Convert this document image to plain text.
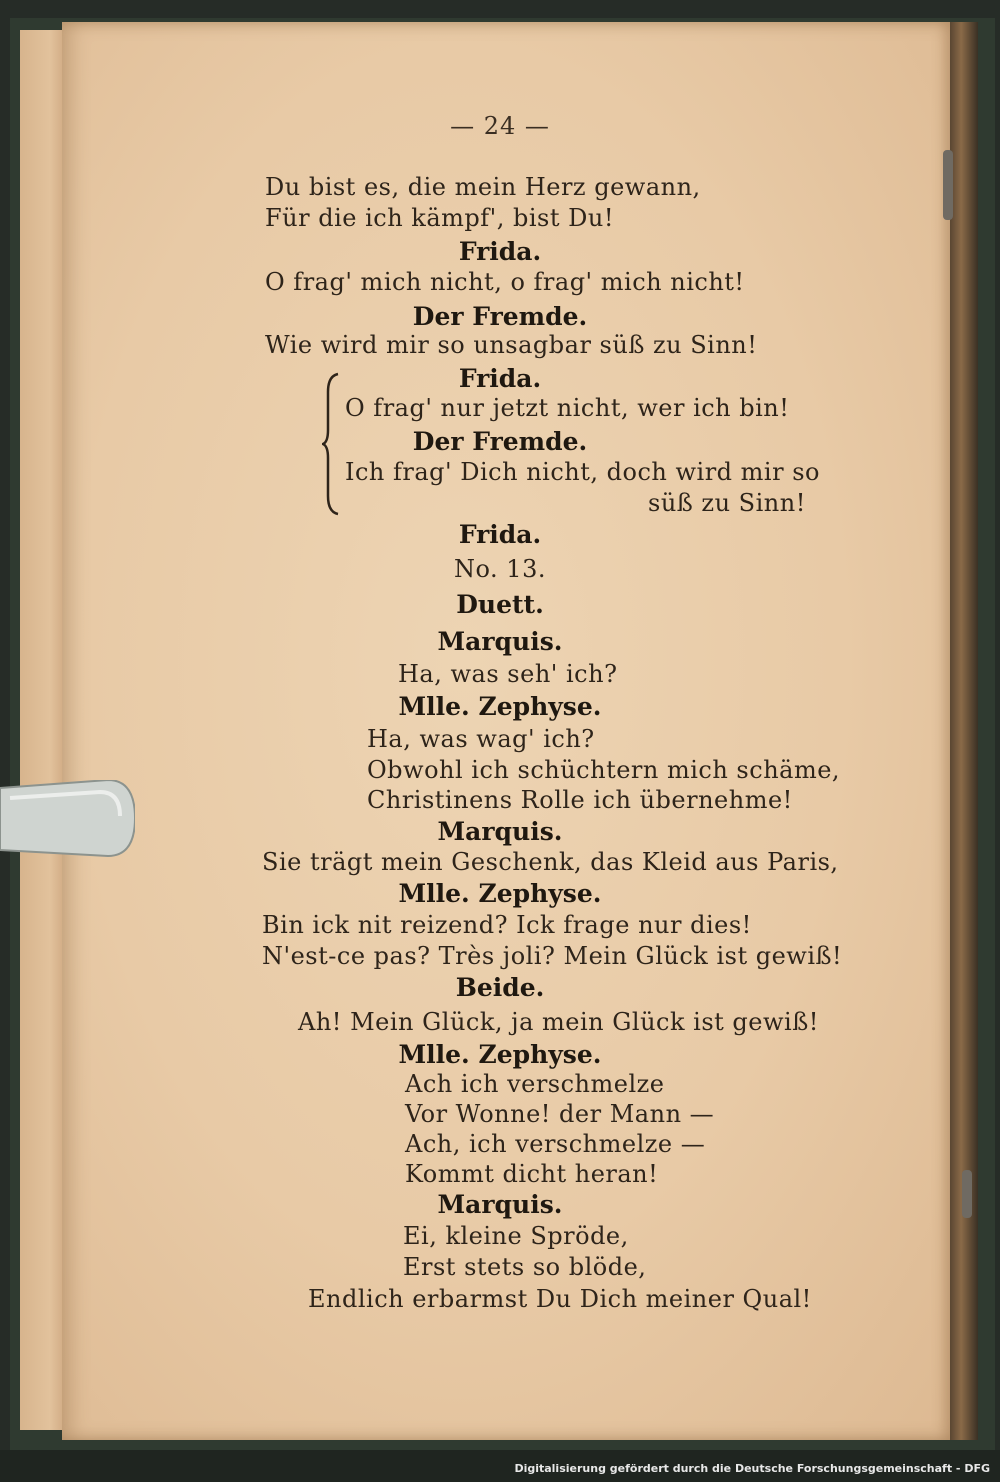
— 24 —
Du bist es, die mein Herz gewann,
Für die ich kämpf', bist Du!
Frida.
O frag' mich nicht, o frag' mich nicht!
Der Fremde.
Wie wird mir so unsagbar süß zu Sinn!
Frida.
O frag' nur jetzt nicht, wer ich bin!
Der Fremde.
Ich frag' Dich nicht, doch wird mir so
süß zu Sinn!
Frida.
No. 13.
Duett.
Marquis.
Ha, was seh' ich?
Mlle. Zephyse.
Ha, was wag' ich?
Obwohl ich schüchtern mich schäme,
Christinens Rolle ich übernehme!
Marquis.
Sie trägt mein Geschenk, das Kleid aus Paris,
Mlle. Zephyse.
Bin ick nit reizend? Ick frage nur dies!
N'est-ce pas? Très joli? Mein Glück ist gewiß!
Beide.
Ah! Mein Glück, ja mein Glück ist gewiß!
Mlle. Zephyse.
Ach ich verschmelze
Vor Wonne! der Mann —
Ach, ich verschmelze —
Kommt dicht heran!
Marquis.
Ei, kleine Spröde,
Erst stets so blöde,
Endlich erbarmst Du Dich meiner Qual!
Digitalisierung gefördert durch die Deutsche Forschungsgemeinschaft - DFG
